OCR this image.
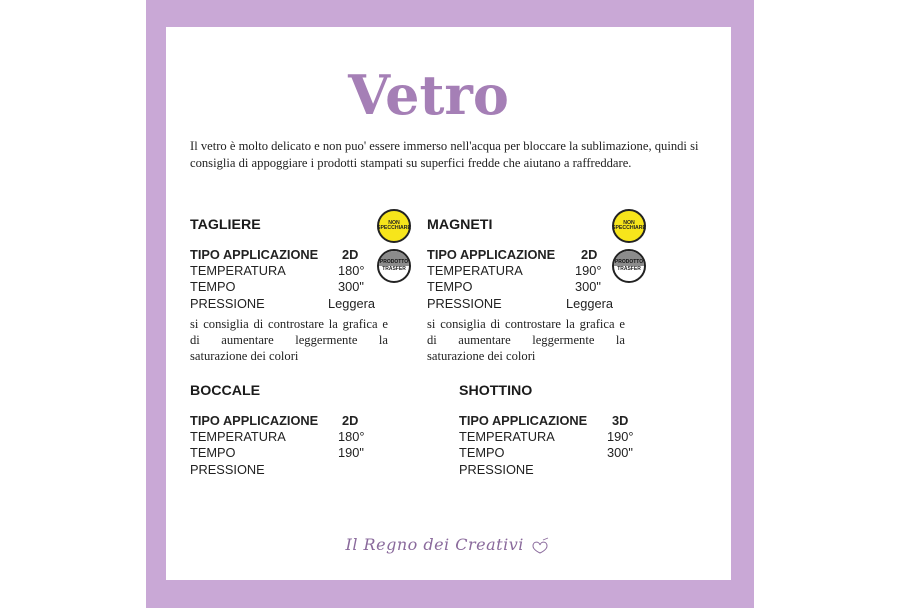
Vetro

Il vetro è molto delicato e non puo' essere immerso nell'acqua per bloccare la sublimazione, quindi si consiglia di appoggiare i prodotti stampati su superfici fredde che aiutano a raffreddare.

TAGLIERE
TIPO APPLICAZIONE 2D
TEMPERATURA	180°
TEMPO	300"
PRESSIONE	Leggera
si consiglia di controstare la grafica e di aumentare leggermente la saturazione dei colori
NON
SPECCHIARE
PRODOTTO
TRASFER
MAGNETI
TIPO APPLICAZIONE 2D
TEMPERATURA	190°
TEMPO	300"
PRESSIONE	Leggera
si consiglia di controstare la grafica e di aumentare leggermente la saturazione dei colori
NON
SPECCHIARE
PRODOTTO
TRASFER
BOCCALE
TIPO APPLICAZIONE 2D
TEMPERATURA	180°
TEMPO	190"
PRESSIONE
SHOTTINO
TIPO APPLICAZIONE 3D
TEMPERATURA	190°
TEMPO	300"
PRESSIONE
Il Regno dei Creativi
